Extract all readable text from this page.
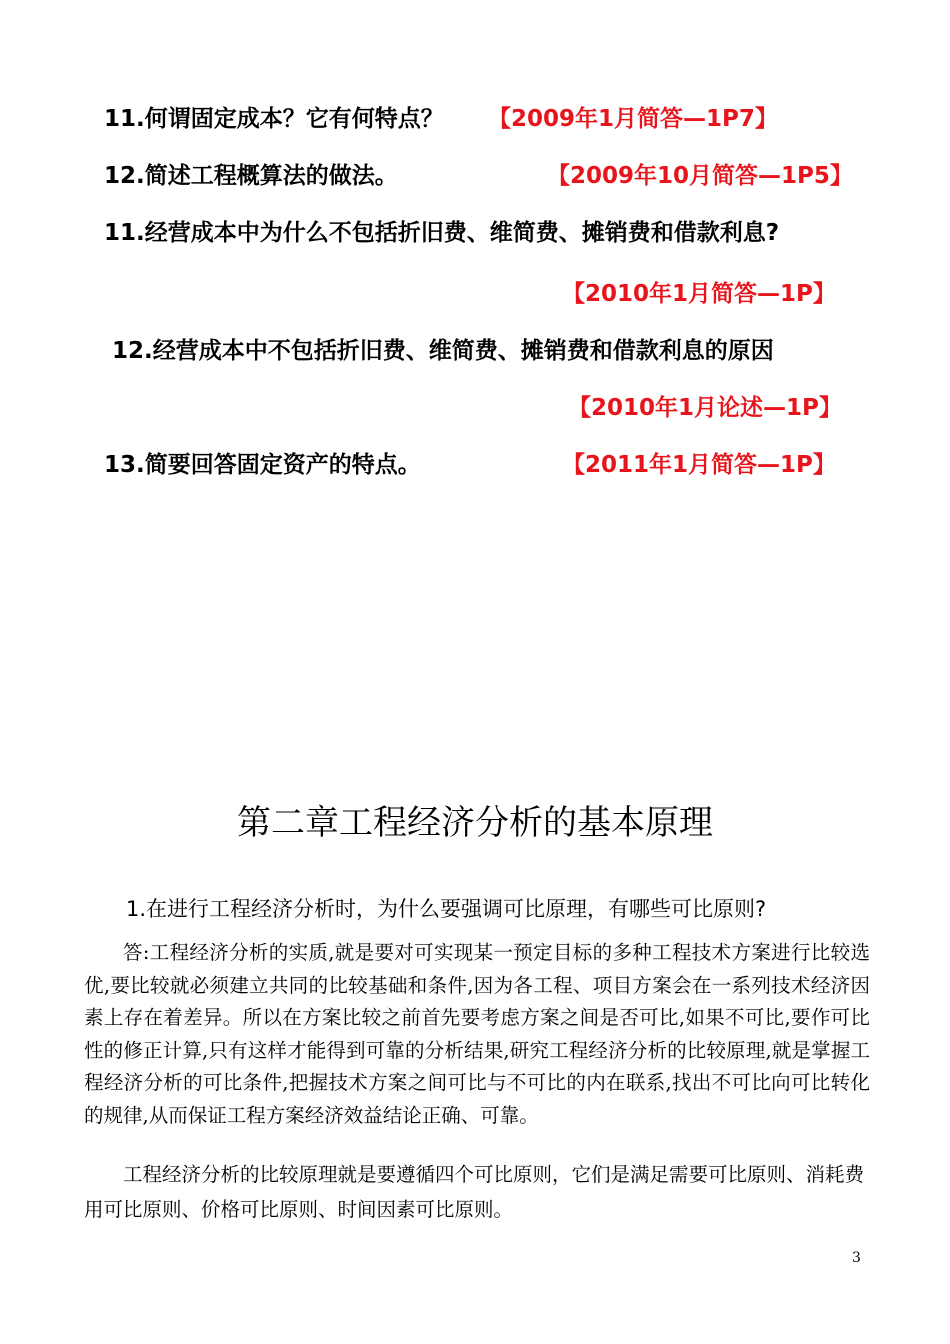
11.何谓固定成本？它有何特点？ 【2009年1月简答—1P7】
12.简述工程概算法的做法。	【2009年10月简答—1P5】
11.经营成本中为什么不包括折旧费、维简费、摊销费和借款利息?
【2010年1月简答—1P】
12.经营成本中不包括折旧费、维简费、摊销费和借款利息的原因
【2010年1月论述—1P】
13.简要回答固定资产的特点。	【2011年1月简答—1P】
第二章工程经济分析的基本原理
1.在进行工程经济分析时，为什么要强调可比原理，有哪些可比原则?
答:工程经济分析的实质,就是要对可实现某一预定目标的多种工程技术方案进行比较选优,要比较就必须建立共同的比较基础和条件,因为各工程、项目方案会在一系列技术经济因素上存在着差异。所以在方案比较之前首先要考虑方案之间是否可比,如果不可比,要作可比性的修正计算,只有这样才能得到可靠的分析结果,研究工程经济分析的比较原理,就是掌握工程经济分析的可比条件,把握技术方案之间可比与不可比的内在联系,找出不可比向可比转化的规律,从而保证工程方案经济效益结论正确、可靠。
工程经济分析的比较原理就是要遵循四个可比原则，它们是满足需要可比原则、消耗费用可比原则、价格可比原则、时间因素可比原则。
3
